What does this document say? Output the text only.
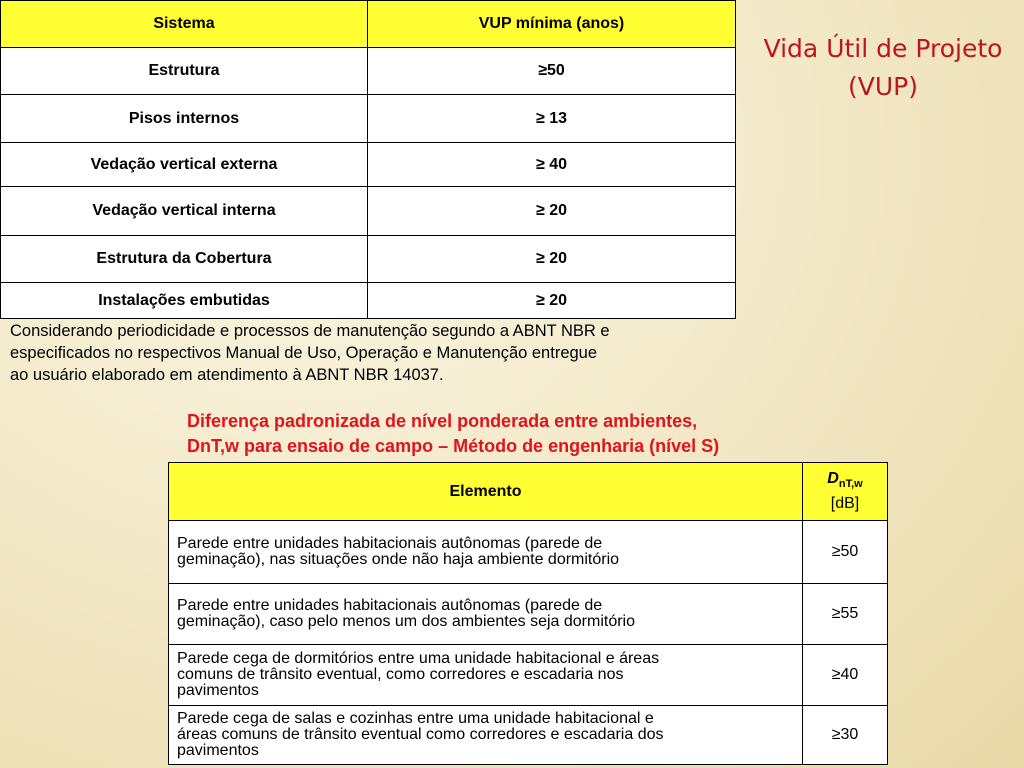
Sistema	VUP mínima (anos)
Estrutura	≥50
Pisos internos	≥ 13
Vedação vertical externa	≥ 40
Vedação vertical interna	≥ 20
Estrutura da Cobertura	≥ 20
Instalações embutidas	≥ 20
Vida Útil de Projeto
(VUP)
Considerando periodicidade e processos de manutenção segundo a ABNT NBR e
especificados no respectivos Manual de Uso, Operação e Manutenção entregue
ao usuário elaborado em atendimento à ABNT NBR 14037.
Diferença padronizada de nível ponderada entre ambientes,
DnT,w para ensaio de campo – Método de engenharia (nível S)
Elemento	$D_{nT,w}$
[dB]

Parede entre unidades habitacionais autônomas (parede de
geminação), nas situações onde não haja ambiente dormitório	≥50

Parede entre unidades habitacionais autônomas (parede de
geminação), caso pelo menos um dos ambientes seja dormitório	≥55

Parede cega de dormitórios entre uma unidade habitacional e áreas
comuns de trânsito eventual, como corredores e escadaria nos
pavimentos	≥40

Parede cega de salas e cozinhas entre uma unidade habitacional e
áreas comuns de trânsito eventual como corredores e escadaria dos
pavimentos	≥30
